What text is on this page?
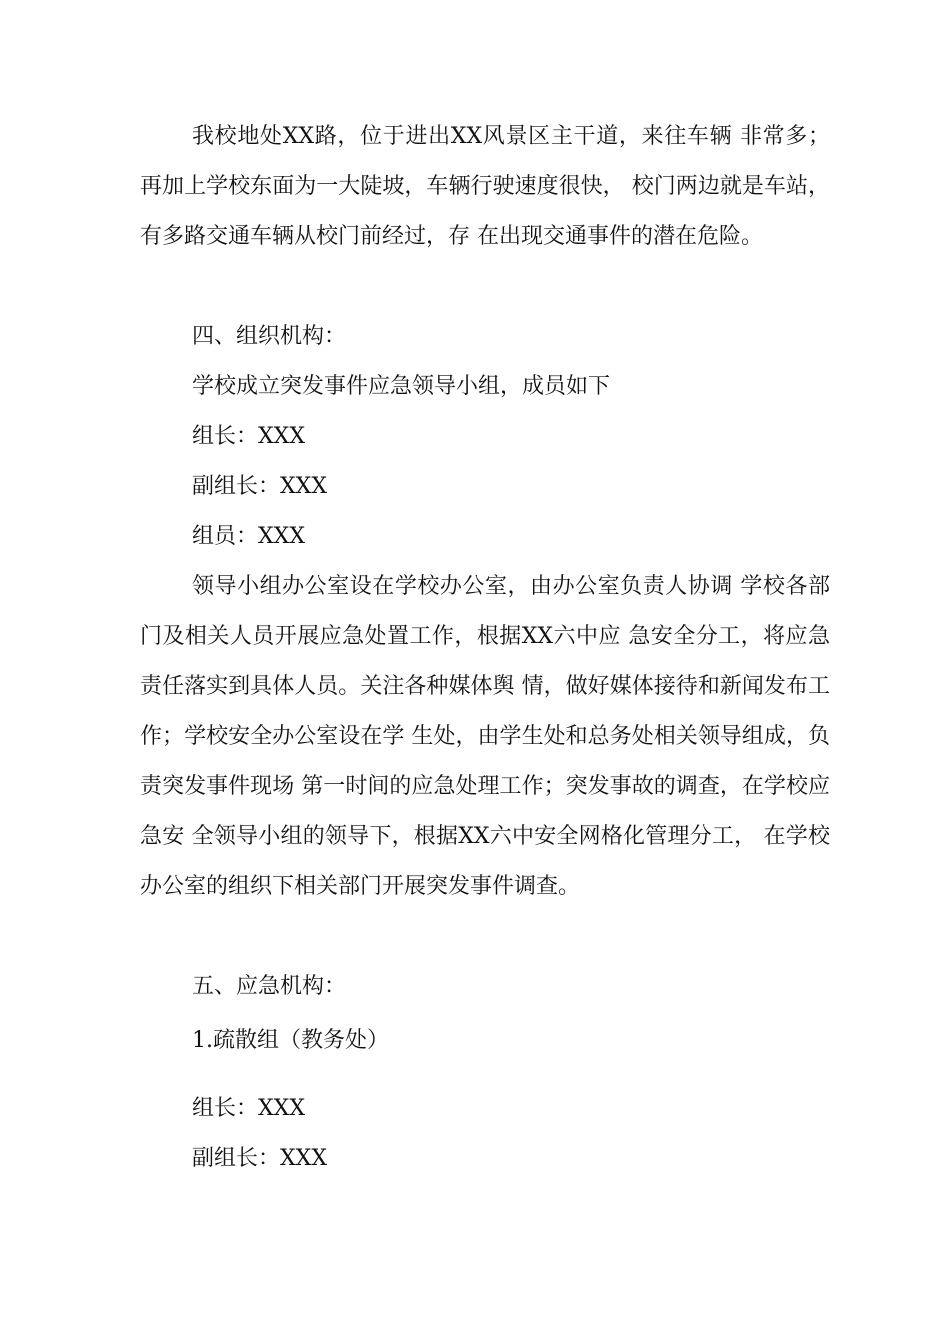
我校地处XX路，位于进出XX风景区主干道，来往车辆 非常多；再加上学校东面为一大陡坡，车辆行驶速度很快， 校门两边就是车站，有多路交通车辆从校门前经过，存 在出现交通事件的潜在危险。

四、组织机构：

学校成立突发事件应急领导小组，成员如下

组长：XXX

副组长：XXX

组员：XXX

领导小组办公室设在学校办公室，由办公室负责人协调 学校各部门及相关人员开展应急处置工作，根据XX六中应 急安全分工，将应急责任落实到具体人员。关注各种媒体舆 情，做好媒体接待和新闻发布工作；学校安全办公室设在学 生处，由学生处和总务处相关领导组成，负责突发事件现场 第一时间的应急处理工作；突发事故的调查，在学校应急安 全领导小组的领导下，根据XX六中安全网格化管理分工， 在学校办公室的组织下相关部门开展突发事件调查。

五、应急机构：

1.疏散组（教务处）

组长：XXX

副组长：XXX
